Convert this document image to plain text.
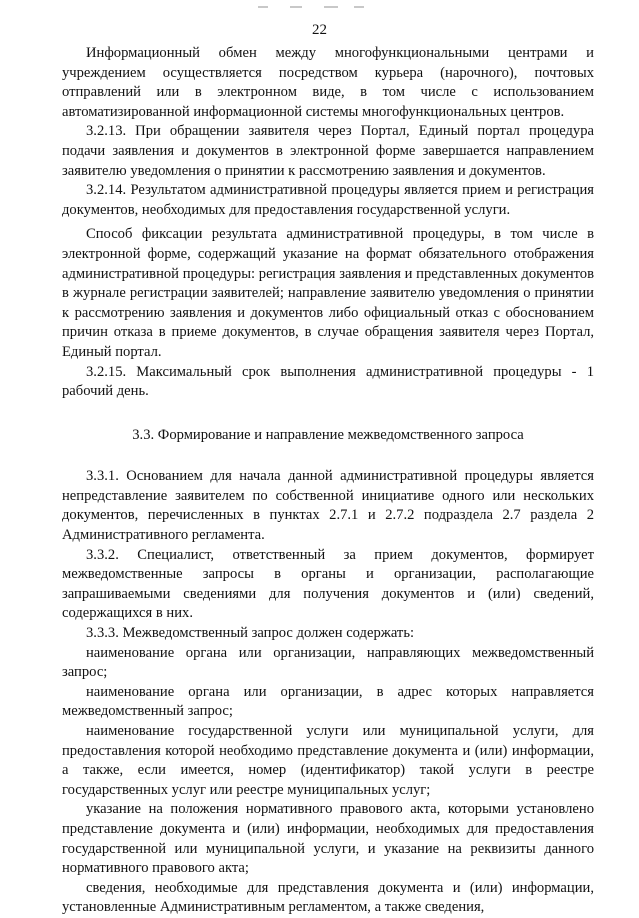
22

Информационный обмен между многофункциональными центрами и учреждением осуществляется посредством курьера (нарочного), почтовых отправлений или в электронном виде, в том числе с использованием автоматизированной информационной системы многофункциональных центров.

3.2.13. При обращении заявителя через Портал, Единый портал процедура подачи заявления и документов в электронной форме завершается направлением заявителю уведомления о принятии к рассмотрению заявления и документов.

3.2.14. Результатом административной процедуры является прием и регистрация документов, необходимых для предоставления государственной услуги.

Способ фиксации результата административной процедуры, в том числе в электронной форме, содержащий указание на формат обязательного отображения административной процедуры: регистрация заявления и представленных документов в журнале регистрации заявителей; направление заявителю уведомления о принятии к рассмотрению заявления и документов либо официальный отказ с обоснованием причин отказа в приеме документов, в случае обращения заявителя через Портал, Единый портал.

3.2.15. Максимальный срок выполнения административной процедуры - 1 рабочий день.

3.3. Формирование и направление межведомственного запроса

3.3.1. Основанием для начала данной административной процедуры является непредставление заявителем по собственной инициативе одного или нескольких документов, перечисленных в пунктах 2.7.1 и 2.7.2 подраздела 2.7 раздела 2 Административного регламента.

3.3.2. Специалист, ответственный за прием документов, формирует межведомственные запросы в органы и организации, располагающие запрашиваемыми сведениями для получения документов и (или) сведений, содержащихся в них.

3.3.3. Межведомственный запрос должен содержать:

наименование органа или организации, направляющих межведомственный запрос;

наименование органа или организации, в адрес которых направляется межведомственный запрос;

наименование государственной услуги или муниципальной услуги, для предоставления которой необходимо представление документа и (или) информации, а также, если имеется, номер (идентификатор) такой услуги в реестре государственных услуг или реестре муниципальных услуг;

указание на положения нормативного правового акта, которыми установлено представление документа и (или) информации, необходимых для предоставления государственной или муниципальной услуги, и указание на реквизиты данного нормативного правового акта;

сведения, необходимые для представления документа и (или) информации, установленные Административным регламентом, а также сведения,
